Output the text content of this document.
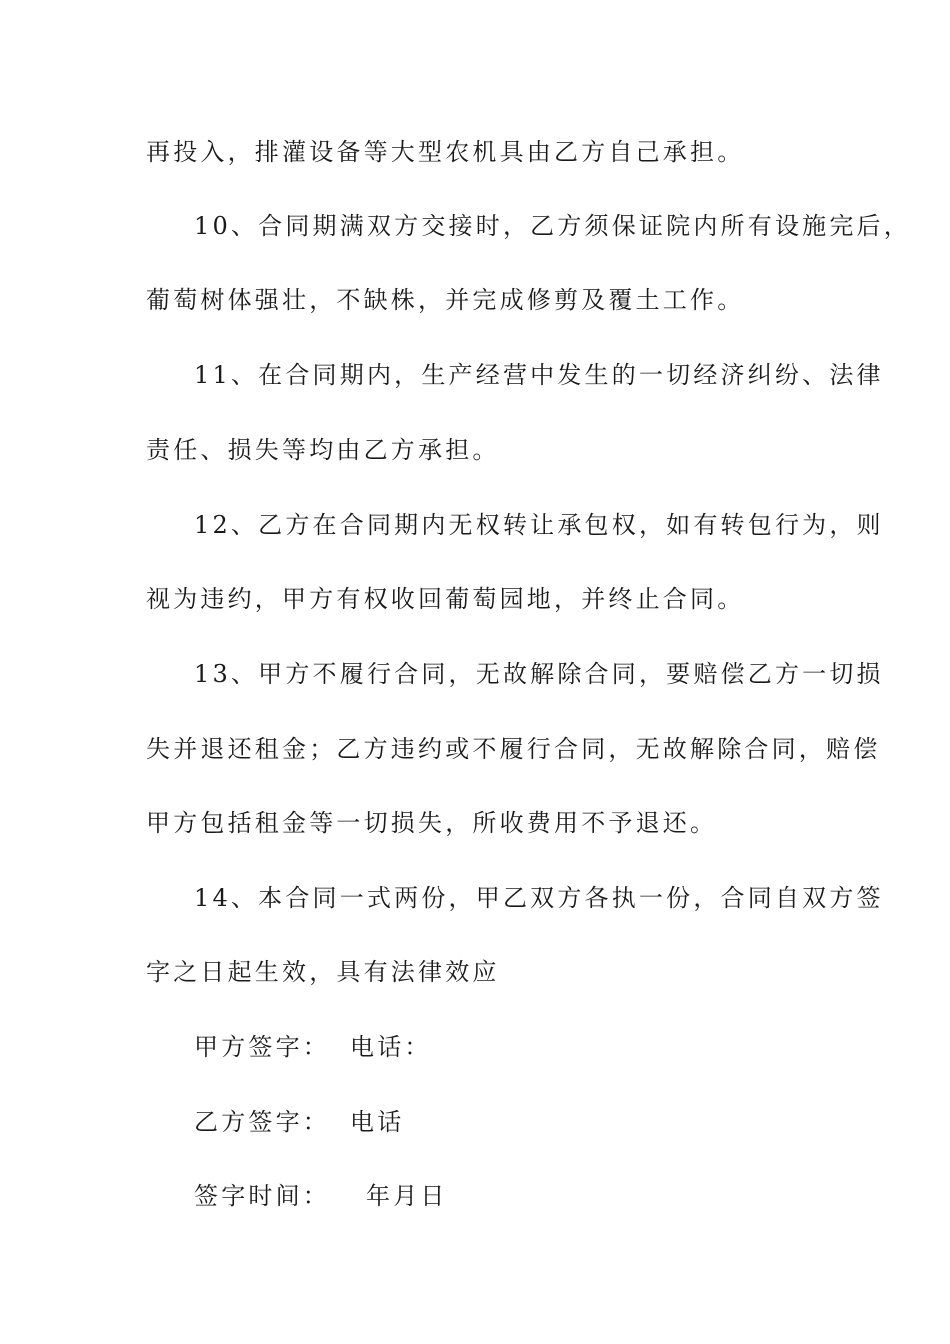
再投入，排灌设备等大型农机具由乙方自己承担。
10、合同期满双方交接时，乙方须保证院内所有设施完后，
葡萄树体强壮，不缺株，并完成修剪及覆土工作。
11、在合同期内，生产经营中发生的一切经济纠纷、法律
责任、损失等均由乙方承担。
12、乙方在合同期内无权转让承包权，如有转包行为，则
视为违约，甲方有权收回葡萄园地，并终止合同。
13、甲方不履行合同，无故解除合同，要赔偿乙方一切损
失并退还租金；乙方违约或不履行合同，无故解除合同，赔偿
甲方包括租金等一切损失，所收费用不予退还。
14、本合同一式两份，甲乙双方各执一份，合同自双方签
字之日起生效，具有法律效应
甲方签字： 电话：
乙方签字： 电话
签字时间： 年月日
